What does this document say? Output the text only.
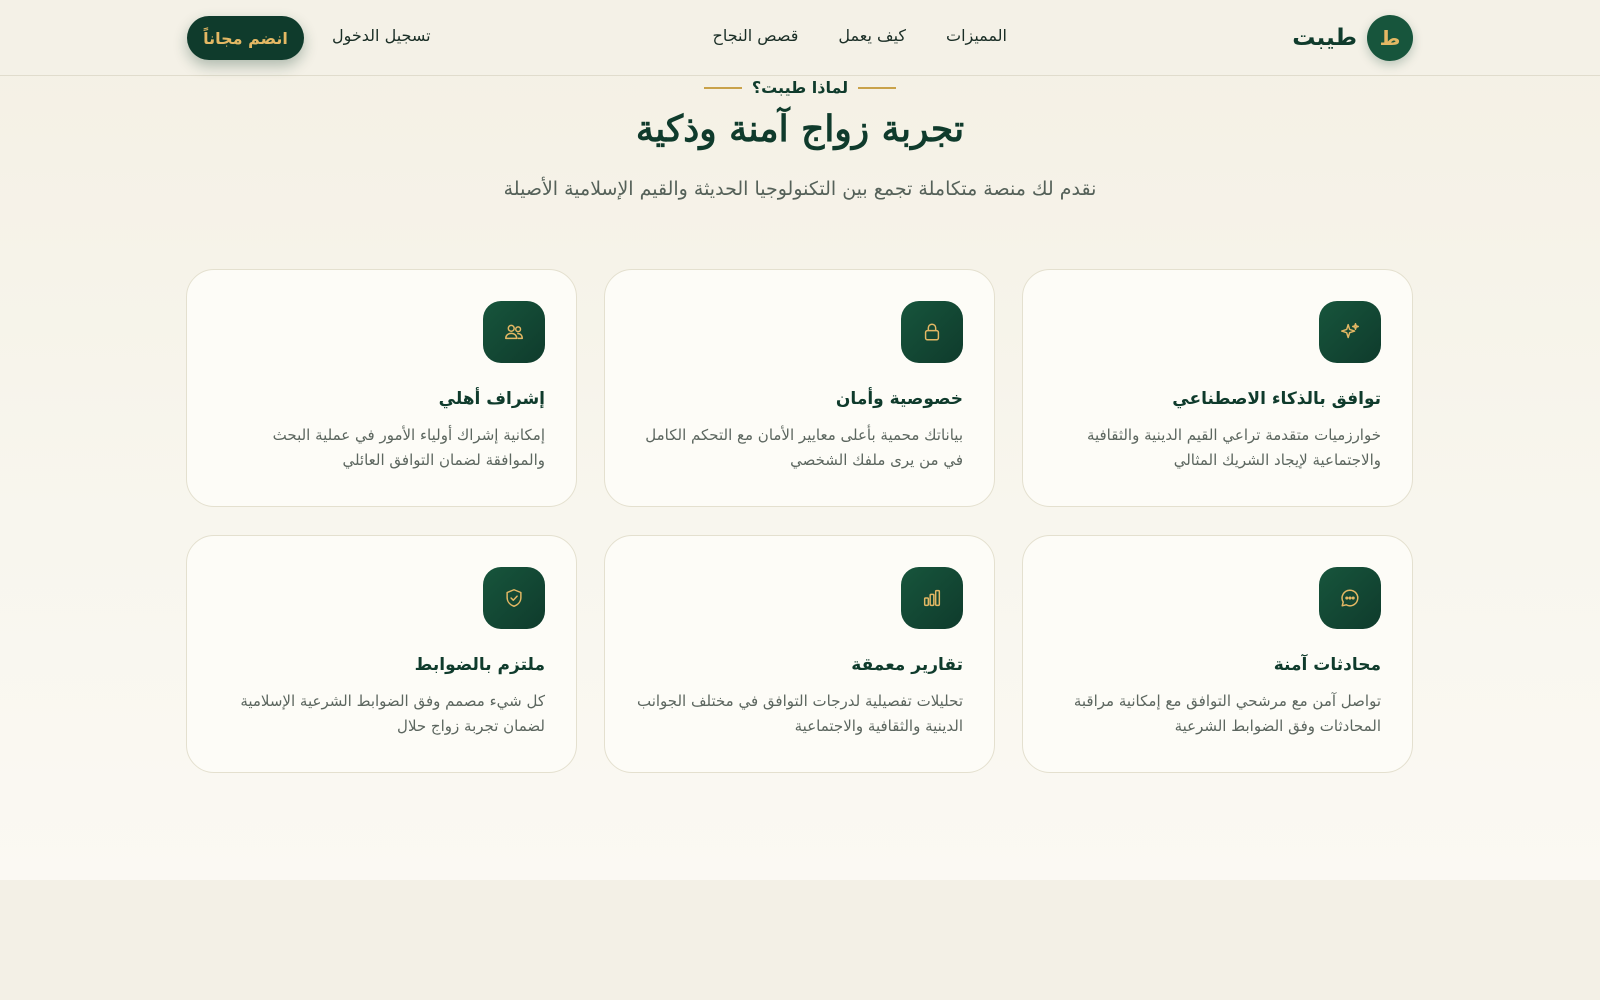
ط
طيبت
المميزات
كيف يعمل
قصص النجاح
تسجيل الدخول
انضم مجاناً
لماذا طيبت؟
تجربة زواج آمنة وذكية

نقدم لك منصة متكاملة تجمع بين التكنولوجيا الحديثة والقيم الإسلامية الأصيلة

توافق بالذكاء الاصطناعي
خوارزميات متقدمة تراعي القيم الدينية والثقافية والاجتماعية لإيجاد الشريك المثالي
خصوصية وأمان
بياناتك محمية بأعلى معايير الأمان مع التحكم الكامل في من يرى ملفك الشخصي
إشراف أهلي
إمكانية إشراك أولياء الأمور في عملية البحث والموافقة لضمان التوافق العائلي
محادثات آمنة
تواصل آمن مع مرشحي التوافق مع إمكانية مراقبة المحادثات وفق الضوابط الشرعية
تقارير معمقة
تحليلات تفصيلية لدرجات التوافق في مختلف الجوانب الدينية والثقافية والاجتماعية
ملتزم بالضوابط
كل شيء مصمم وفق الضوابط الشرعية الإسلامية لضمان تجربة زواج حلال
